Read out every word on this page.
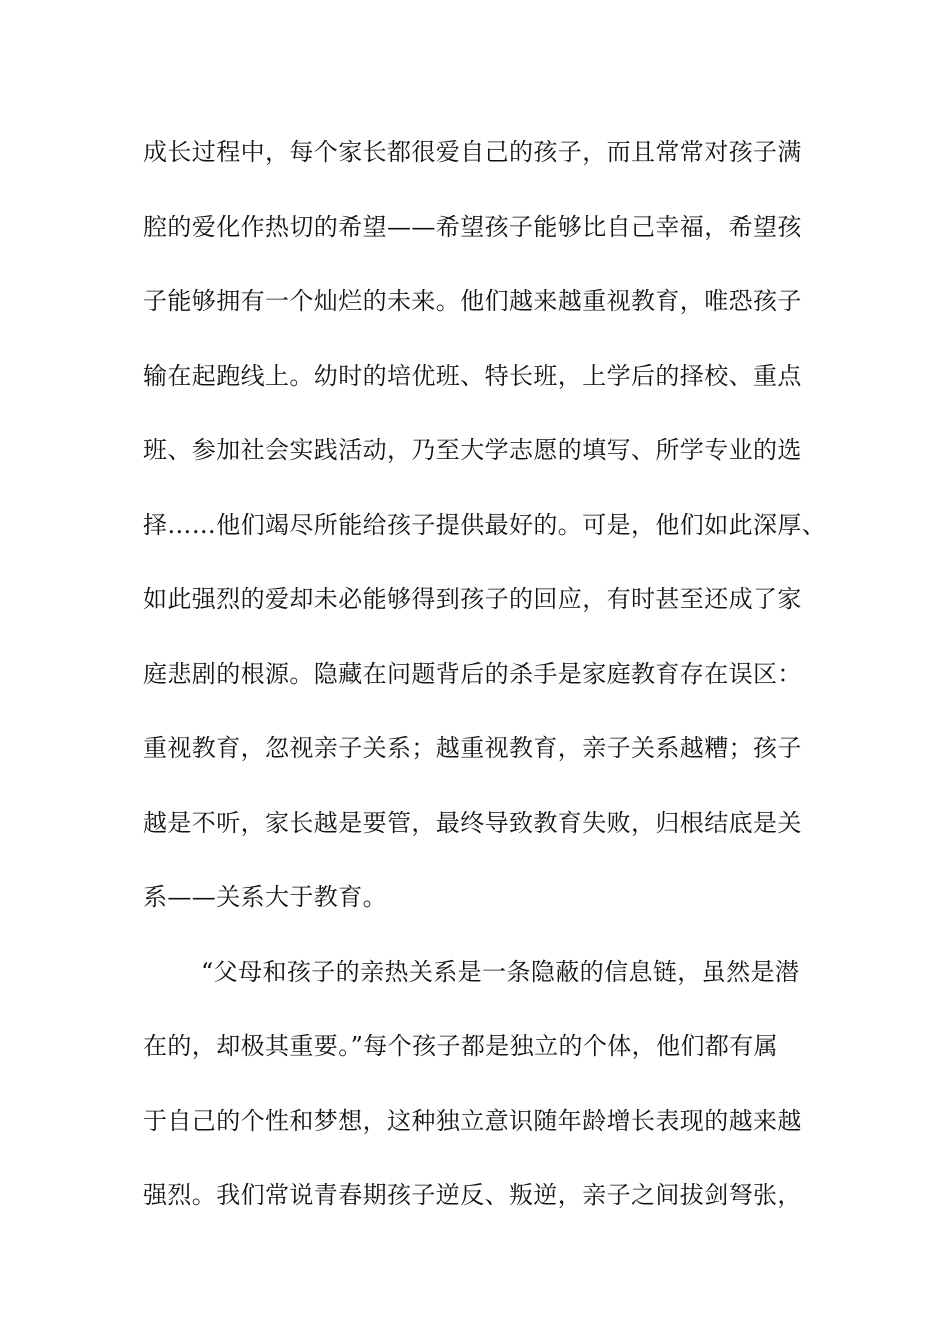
成长过程中，每个家长都很爱自己的孩子，而且常常对孩子满
腔的爱化作热切的希望——希望孩子能够比自己幸福，希望孩
子能够拥有一个灿烂的未来。他们越来越重视教育，唯恐孩子
输在起跑线上。幼时的培优班、特长班，上学后的择校、重点
班、参加社会实践活动，乃至大学志愿的填写、所学专业的选
择……他们竭尽所能给孩子提供最好的。可是，他们如此深厚、
如此强烈的爱却未必能够得到孩子的回应，有时甚至还成了家
庭悲剧的根源。隐藏在问题背后的杀手是家庭教育存在误区：
重视教育，忽视亲子关系；越重视教育，亲子关系越糟；孩子
越是不听，家长越是要管，最终导致教育失败，归根结底是关
系——关系大于教育。
“父母和孩子的亲热关系是一条隐蔽的信息链，虽然是潜
在的，却极其重要。”每个孩子都是独立的个体，他们都有属
于自己的个性和梦想，这种独立意识随年龄增长表现的越来越
强烈。我们常说青春期孩子逆反、叛逆，亲子之间拔剑弩张，
